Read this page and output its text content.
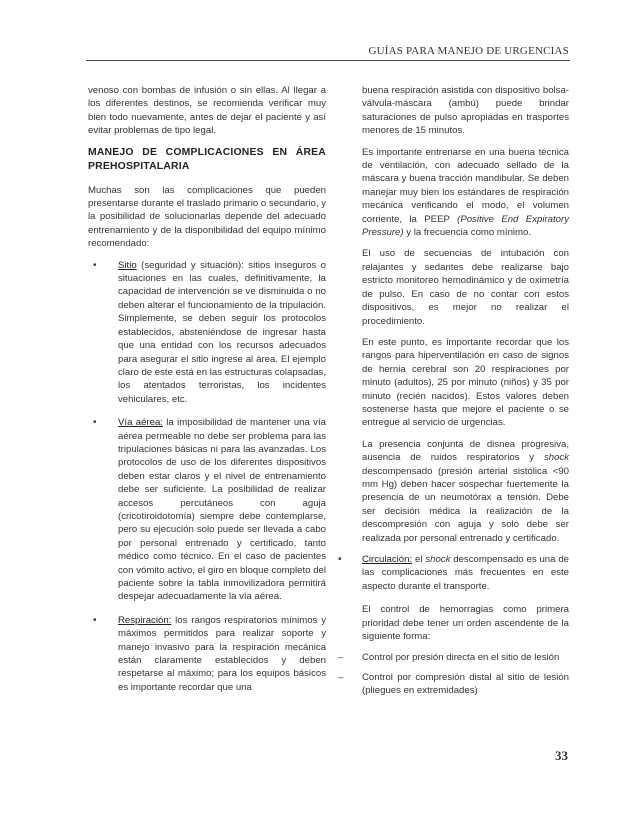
GUÍAS PARA MANEJO DE URGENCIAS

venoso con bombas de infusión o sin ellas. Al llegar a los diferentes destinos, se recomienda verificar muy bien todo nuevamente, antes de dejar el paciente y así evitar problemas de tipo legal.

MANEJO DE COMPLICACIONES EN ÁREA PREHOSPITALARIA

Muchas son las complicaciones que pueden presentarse durante el traslado primario o secundario, y la posibilidad de solucionarlas depende del adecuado entrenamiento y de la disponibilidad del equipo mínimo recomendado:

• Sitio (seguridad y situación): sitios inseguros o situaciones en las cuales, definitivamente, la capacidad de intervención se ve disminuida o no deben alterar el funcionamiento de la tripulación. Simplemente, se deben seguir los protocolos establecidos, absteniéndose de ingresar hasta que una entidad con los recursos adecuados para asegurar el sitio ingrese al área. El ejemplo claro de este está en las estructuras colapsadas, los atentados terroristas, los incidentes vehiculares, etc.

• Vía aérea: la imposibilidad de mantener una vía aérea permeable no debe ser problema para las tripulaciones básicas ni para las avanzadas. Los protocolos de uso de los diferentes dispositivos deben estar claros y el nivel de entrenamiento debe ser suficiente. La posibilidad de realizar accesos percutáneos con aguja (cricotiroidotomía) siempre debe contemplarse, pero su ejecución solo puede ser llevada a cabo por personal entrenado y certificado, tanto médico como técnico. En el caso de pacientes con vómito activo, el giro en bloque completo del paciente sobre la tabla inmovilizadora permitirá despejar adecuadamente la vía aérea.

• Respiración: los rangos respiratorios mínimos y máximos permitidos para realizar soporte y manejo invasivo para la respiración mecánica están claramente establecidos y deben respetarse al máximo; para los equipos básicos es importante recordar que una

buena respiración asistida con dispositivo bolsa-válvula-máscara (ambú) puede brindar saturaciones de pulso apropiadas en trasportes menores de 15 minutos.

Es importante entrenarse en una buena técnica de ventilación, con adecuado sellado de la máscara y buena tracción mandibular. Se deben manejar muy bien los estándares de respiración mecánica verificando el modo, el volumen corriente, la PEEP (Positive End Expiratory Pressure) y la frecuencia como mínimo.

El uso de secuencias de intubación con relajantes y sedantes debe realizarse bajo estricto monitoreo hemodinámico y de oximetría de pulso. En caso de no contar con estos dispositivos, es mejor no realizar el procedimiento.

En este punto, es importante recordar que los rangos para hiperventilación en caso de signos de hernia cerebral son 20 respiraciones por minuto (adultos), 25 por minuto (niños) y 35 por minuto (recién nacidos). Estos valores deben sostenerse hasta que mejore el paciente o se entregue al servicio de urgencias.

La presencia conjunta de disnea progresiva, ausencia de ruidos respiratorios y shock descompensado (presión arterial sistólica <90 mm Hg) deben hacer sospechar fuertemente la presencia de un neumotórax a tensión. Debe ser decisión médica la realización de la descompresión con aguja y solo debe ser realizada por personal entrenado y certificado.

• Circulación: el shock descompensado es una de las complicaciones más frecuentes en este aspecto durante el transporte.

El control de hemorragias como primera prioridad debe tener un orden ascendente de la siguiente forma:

– Control por presión directa en el sitio de lesión
– Control por compresión distal al sitio de lesión (pliegues en extremidades)
33
